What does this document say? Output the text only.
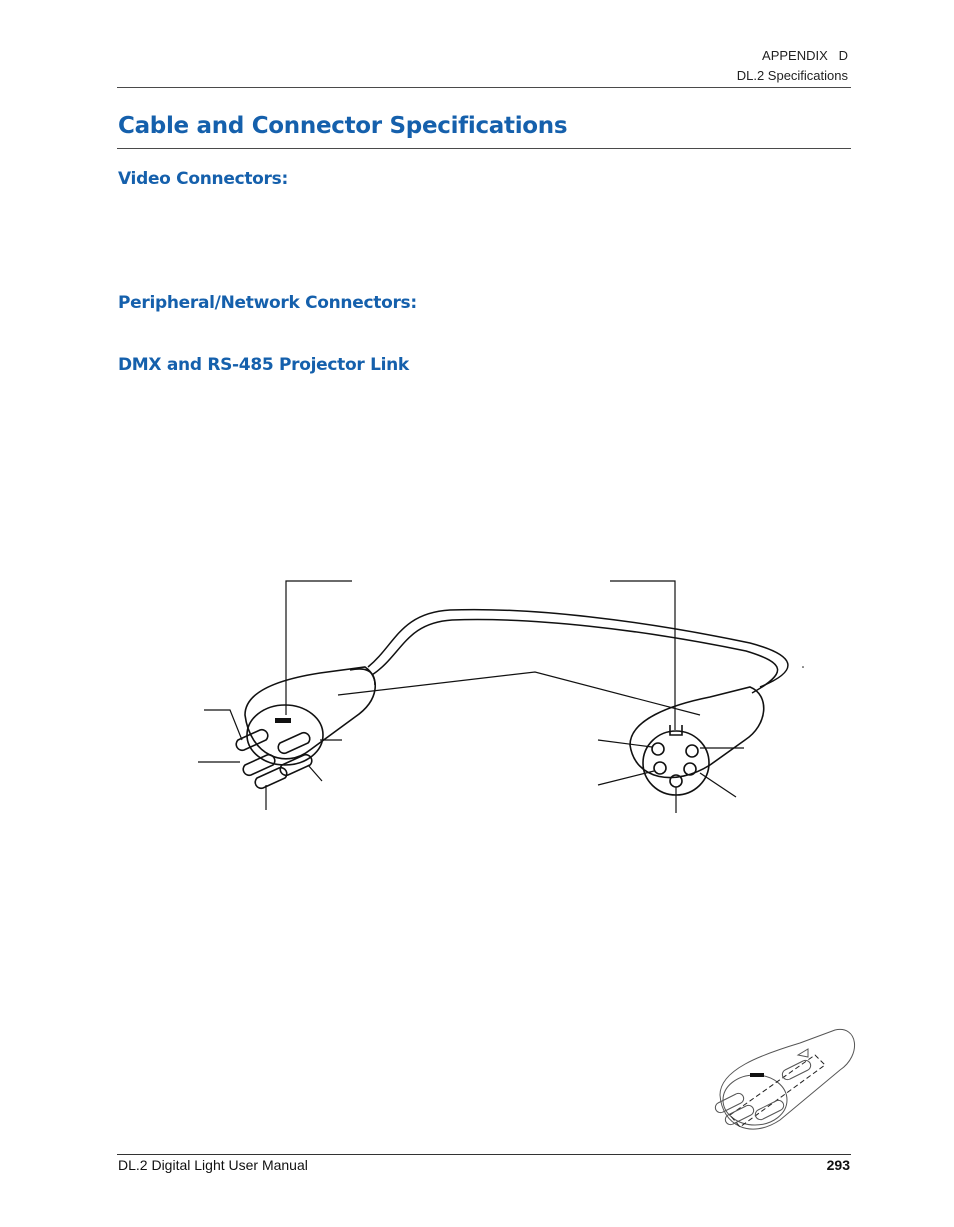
APPENDIX   D
DL.2 Specifications
Cable and Connector Specifications
Video Connectors:
Peripheral/Network Connectors:
DMX and RS-485 Projector Link
DL.2 Digital Light User Manual	293
